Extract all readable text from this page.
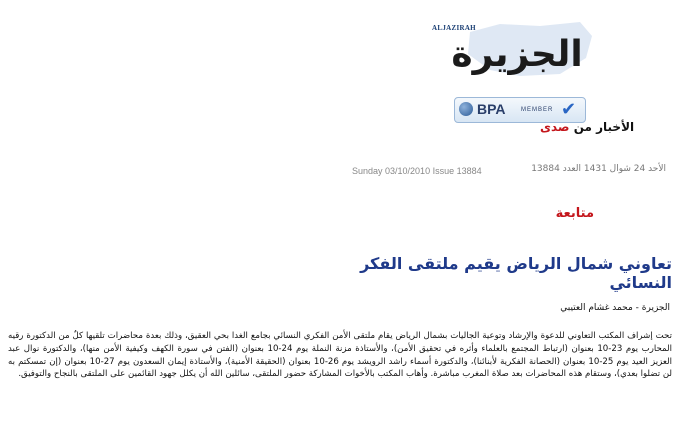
ALJAZIRAH
الجزيرة
BPA	MEMBER ✔
الأخبار من صدى
Sunday 03/10/2010 Issue 13884	الأحد 24 شوال 1431 العدد 13884
متابعة
تعاوني شمال الرياض يقيم ملتقى الفكر النسائي
الجزيرة - محمد غشام العتيبي
تحت إشراف المكتب التعاوني للدعوة والإرشاد وتوعية الجاليات بشمال الرياض يقام ملتقى الأمن الفكري النسائي بجامع الغدا بحي العقيق، وذلك بعدة محاضرات تلقيها كلٌ من الدكتورة رقيه المحارب يوم 23-10 بعنوان (ارتباط المجتمع بالعلماء وأثره في تحقيق الأمن)، والأستاذة مزنة النملة يوم 24-10 بعنوان (الفتن في سورة الكهف وكيفية الأمن منها)، والدكتورة نوال عبد العزيز العيد يوم 25-10 بعنوان (الحصانة الفكرية لأبنائنا)، والدكتورة أسماء راشد الرويشد يوم 26-10 بعنوان (الحقيقة الأمنية)، والأستاذة إيمان السعدون يوم 27-10 بعنوان (إن تمسكتم به لن تضلوا بعدي)، وستقام هذه المحاضرات بعد صلاة المغرب مباشرة. وأهاب المكتب بالأخوات المشاركة حضور الملتقى، سائلين الله أن يكلل جهود القائمين على الملتقى بالنجاح والتوفيق.
